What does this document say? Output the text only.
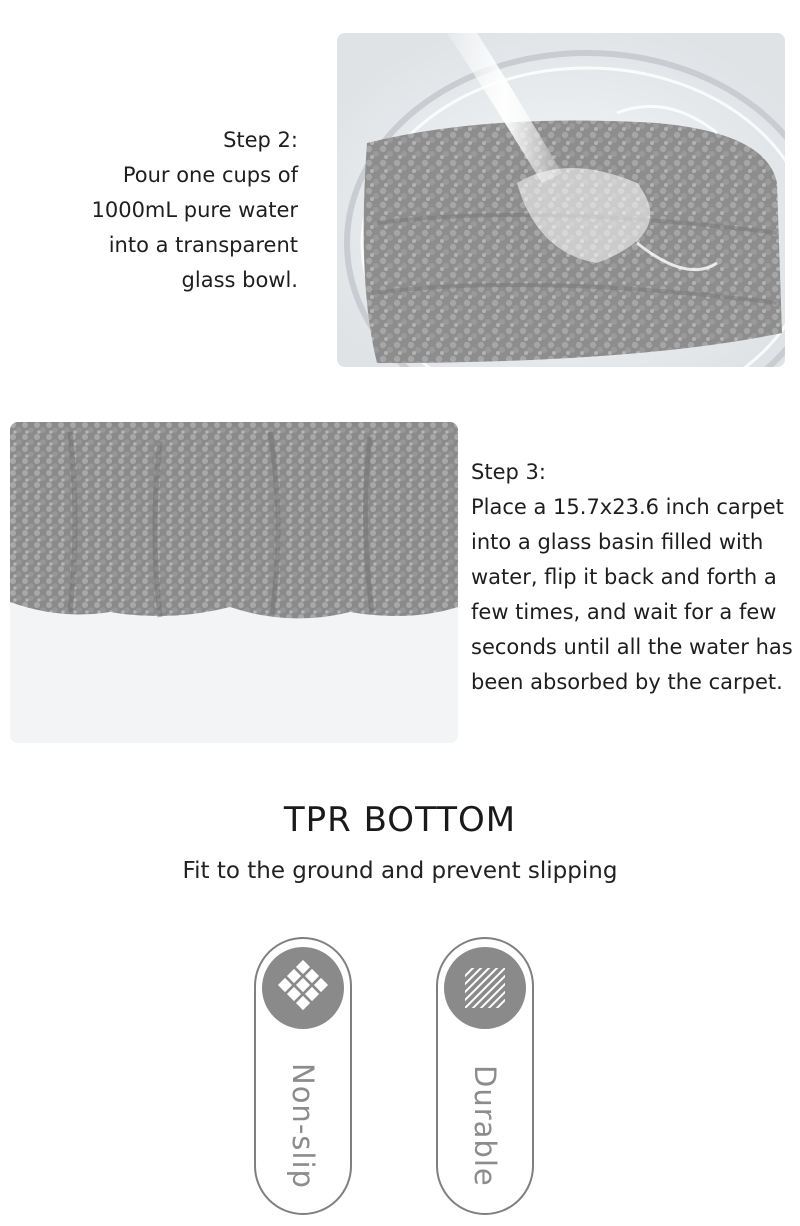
Step 2:

Pour one cups of

1000mL pure water

into a transparent

glass bowl.

Step 3:

Place a 15.7x23.6 inch carpet

into a glass basin filled with

water, flip it back and forth a

few times, and wait for a few

seconds until all the water has

been absorbed by the carpet.

TPR BOTTOM
Fit to the ground and prevent slipping
Non-slip	Durable
